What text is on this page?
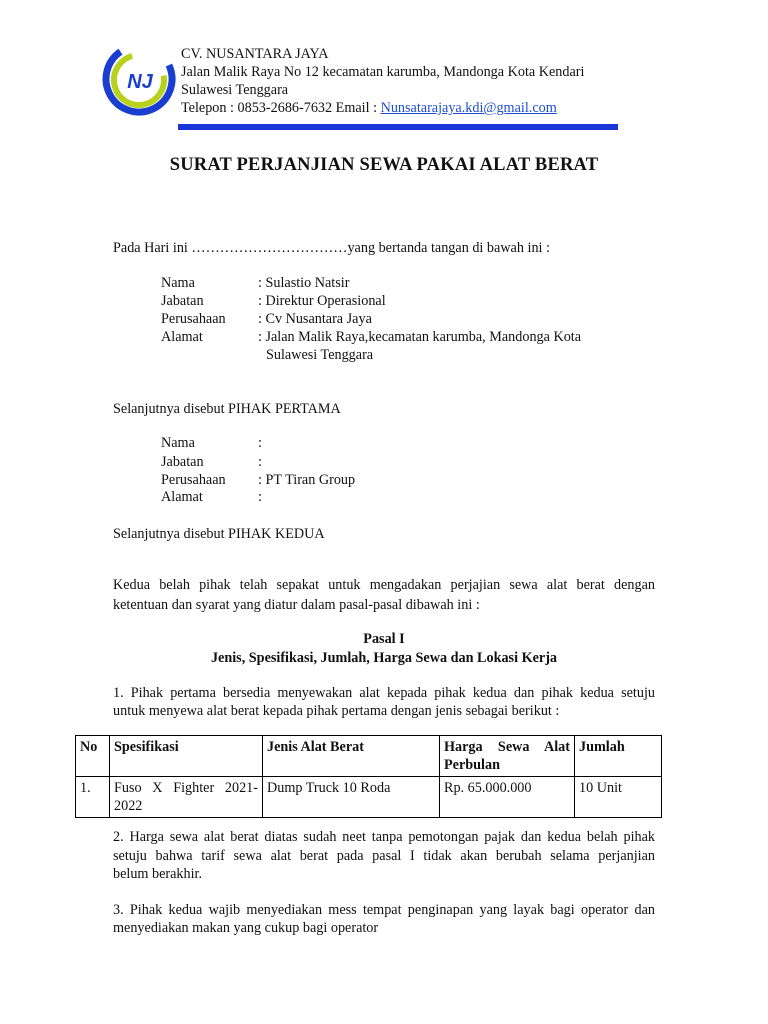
NJ
CV. NUSANTARA JAYA
Jalan Malik Raya No 12 kecamatan karumba, Mandonga Kota Kendari
Sulawesi Tenggara
Telepon : 0853-2686-7632 Email : Nunsatarajaya.kdi@gmail.com
SURAT PERJANJIAN SEWA PAKAI ALAT BERAT
Pada Hari ini ……………………………yang bertanda tangan di bawah ini :
Nama	: Sulastio Natsir
Jabatan	: Direktur Operasional
Perusahaan : Cv Nusantara Jaya
Alamat	: Jalan Malik Raya,kecamatan karumba, Mandonga Kota
Sulawesi Tenggara
Selanjutnya disebut PIHAK PERTAMA
Nama	:
Jabatan	:
Perusahaan : PT Tiran Group
Alamat	:
Selanjutnya disebut PIHAK KEDUA
Kedua belah pihak telah sepakat untuk mengadakan perjajian sewa alat berat dengan
ketentuan dan syarat yang diatur dalam pasal-pasal dibawah ini :
Pasal I
Jenis, Spesifikasi, Jumlah, Harga Sewa dan Lokasi Kerja
1. Pihak pertama bersedia menyewakan alat kepada pihak kedua dan pihak kedua setuju
untuk menyewa alat berat kepada pihak pertama dengan jenis sebagai berikut :
No	Spesifikasi	Jenis Alat Berat	Harga Sewa Alat
Perbulan	Jumlah
1.	Fuso X Fighter 2021-
2022	Dump Truck 10 Roda	Rp. 65.000.000	10 Unit
2. Harga sewa alat berat diatas sudah neet tanpa pemotongan pajak dan kedua belah pihak
setuju bahwa tarif sewa alat berat pada pasal I tidak akan berubah selama perjanjian
belum berakhir.
3. Pihak kedua wajib menyediakan mess tempat penginapan yang layak bagi operator dan
menyediakan makan yang cukup bagi operator
